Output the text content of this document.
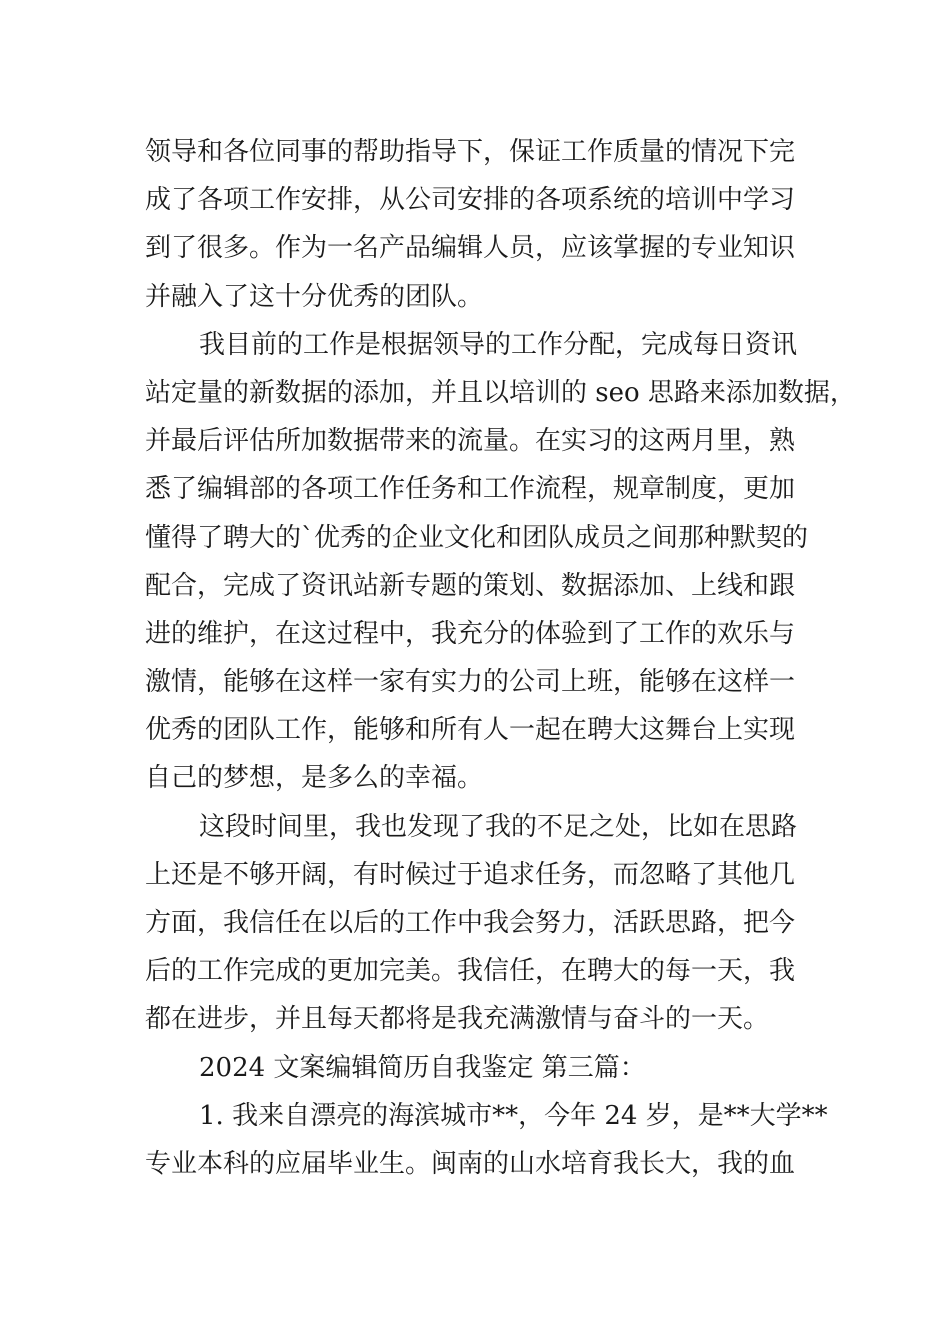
领导和各位同事的帮助指导下，保证工作质量的情况下完
成了各项工作安排，从公司安排的各项系统的培训中学习
到了很多。作为一名产品编辑人员，应该掌握的专业知识
并融入了这十分优秀的团队。
我目前的工作是根据领导的工作分配，完成每日资讯
站定量的新数据的添加，并且以培训的 seo 思路来添加数据，
并最后评估所加数据带来的流量。在实习的这两月里，熟
悉了编辑部的各项工作任务和工作流程，规章制度，更加
懂得了聘大的`优秀的企业文化和团队成员之间那种默契的
配合，完成了资讯站新专题的策划、数据添加、上线和跟
进的维护，在这过程中，我充分的体验到了工作的欢乐与
激情，能够在这样一家有实力的公司上班，能够在这样一
优秀的团队工作，能够和所有人一起在聘大这舞台上实现
自己的梦想，是多么的幸福。
这段时间里，我也发现了我的不足之处，比如在思路
上还是不够开阔，有时候过于追求任务，而忽略了其他几
方面，我信任在以后的工作中我会努力，活跃思路，把今
后的工作完成的更加完美。我信任，在聘大的每一天，我
都在进步，并且每天都将是我充满激情与奋斗的一天。
2024 文案编辑简历自我鉴定 第三篇：
1. 我来自漂亮的海滨城市**，今年 24 岁，是**大学**
专业本科的应届毕业生。闽南的山水培育我长大，我的血
